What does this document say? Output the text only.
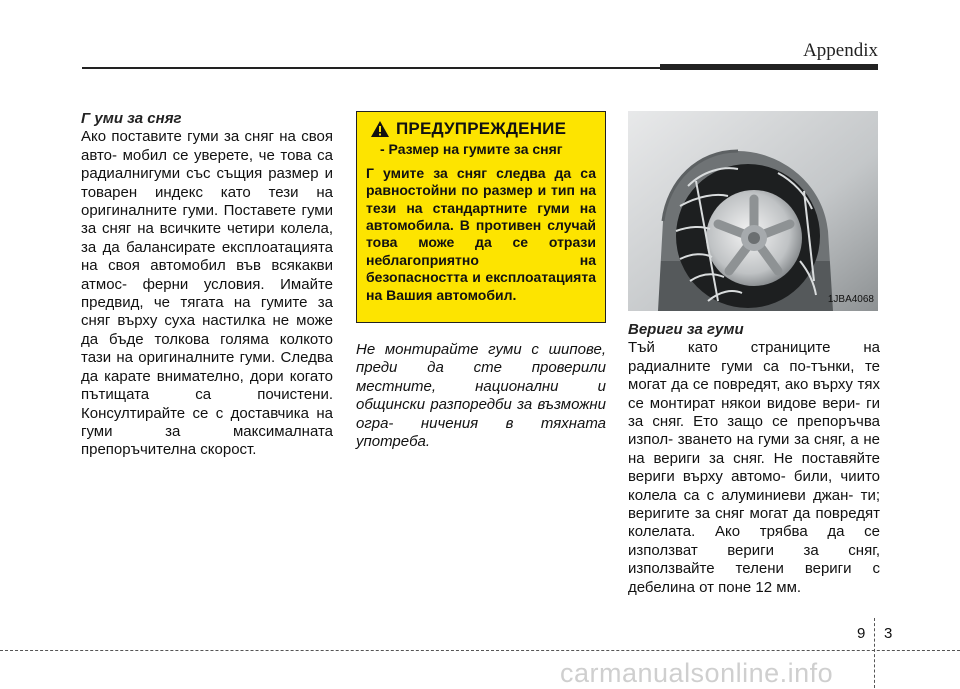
Appendix

Г уми за сняг

Ако поставите гуми за сняг на своя авто- мобил се уверете, че това са радиалнигуми със същия размер и товарен индекс като тези на оригиналните гуми. Поставете гуми за сняг на всичките четири колела, за да балансирате експлоатацията на своя автомобил във всякакви атмос- ферни условия. Имайте предвид, че тягата на гумите за сняг върху суха настилка не може да бъде толкова голяма колкото тази на оригиналните гуми. Следва да карате внимателно, дори когато пътищата са почистени. Консултирайте се с доставчика на гуми за максималната препоръчителна скорост.

ПРЕДУПРЕЖДЕНИЕ
- Размер на гумите за сняг

Г умите за сняг следва да са равностойни по размер и тип на тези на стандартните гуми на автомобила. В противен случай това може да се отрази неблагоприятно на безопасността и експлоатацията на Вашия автомобил.

Не монтирайте гуми с шипове, преди да сте проверили местните, национални и общински разпоредби за възможни огра- ничения в тяхната употреба.

1JBA4068

Вериги за гуми

Тъй като страниците на радиалните гуми са по-тънки, те могат да се повредят, ако върху тях се монтират някои видове вери- ги за сняг. Ето защо се препоръчва изпол- зването на гуми за сняг, а не на вериги за сняг. Не поставяйте вериги върху автомо- били, чиито колела са с алуминиеви джан- ти; веригите за сняг могат да повредят колелата. Ако трябва да се използват вериги за сняг, използвайте телени вериги с дебелина от поне 12 мм.

9 3
carmanualsonline.info
